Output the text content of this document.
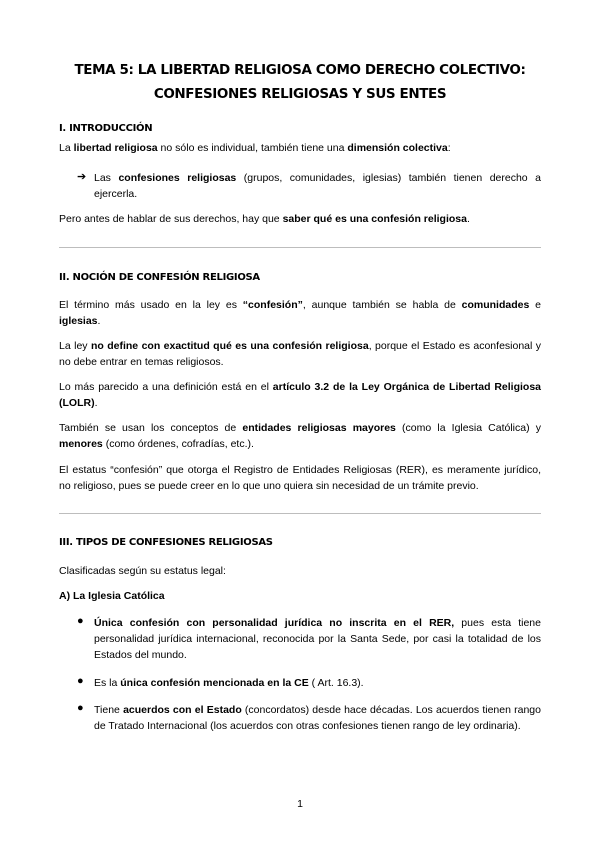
TEMA 5: LA LIBERTAD RELIGIOSA COMO DERECHO COLECTIVO:
CONFESIONES RELIGIOSAS Y SUS ENTES
I. INTRODUCCIÓN

La libertad religiosa no sólo es individual, también tiene una dimensión colectiva:

➔ Las confesiones religiosas (grupos, comunidades, iglesias) también tienen derecho a ejercerla.

Pero antes de hablar de sus derechos, hay que saber qué es una confesión religiosa.

II. NOCIÓN DE CONFESIÓN RELIGIOSA

El término más usado en la ley es “confesión”, aunque también se habla de comunidades e iglesias.

La ley no define con exactitud qué es una confesión religiosa, porque el Estado es aconfesional y no debe entrar en temas religiosos.

Lo más parecido a una definición está en el artículo 3.2 de la Ley Orgánica de Libertad Religiosa (LOLR).

También se usan los conceptos de entidades religiosas mayores (como la Iglesia Católica) y menores (como órdenes, cofradías, etc.).

El estatus “confesión” que otorga el Registro de Entidades Religiosas (RER), es meramente jurídico, no religioso, pues se puede creer en lo que uno quiera sin necesidad de un trámite previo.

III. TIPOS DE CONFESIONES RELIGIOSAS

Clasificadas según su estatus legal:

A) La Iglesia Católica

● Única confesión con personalidad jurídica no inscrita en el RER, pues esta tiene personalidad jurídica internacional, reconocida por la Santa Sede, por casi la totalidad de los Estados del mundo.

● Es la única confesión mencionada en la CE ( Art. 16.3).

● Tiene acuerdos con el Estado (concordatos) desde hace décadas. Los acuerdos tienen rango de Tratado Internacional (los acuerdos con otras confesiones tienen rango de ley ordinaria).

1
